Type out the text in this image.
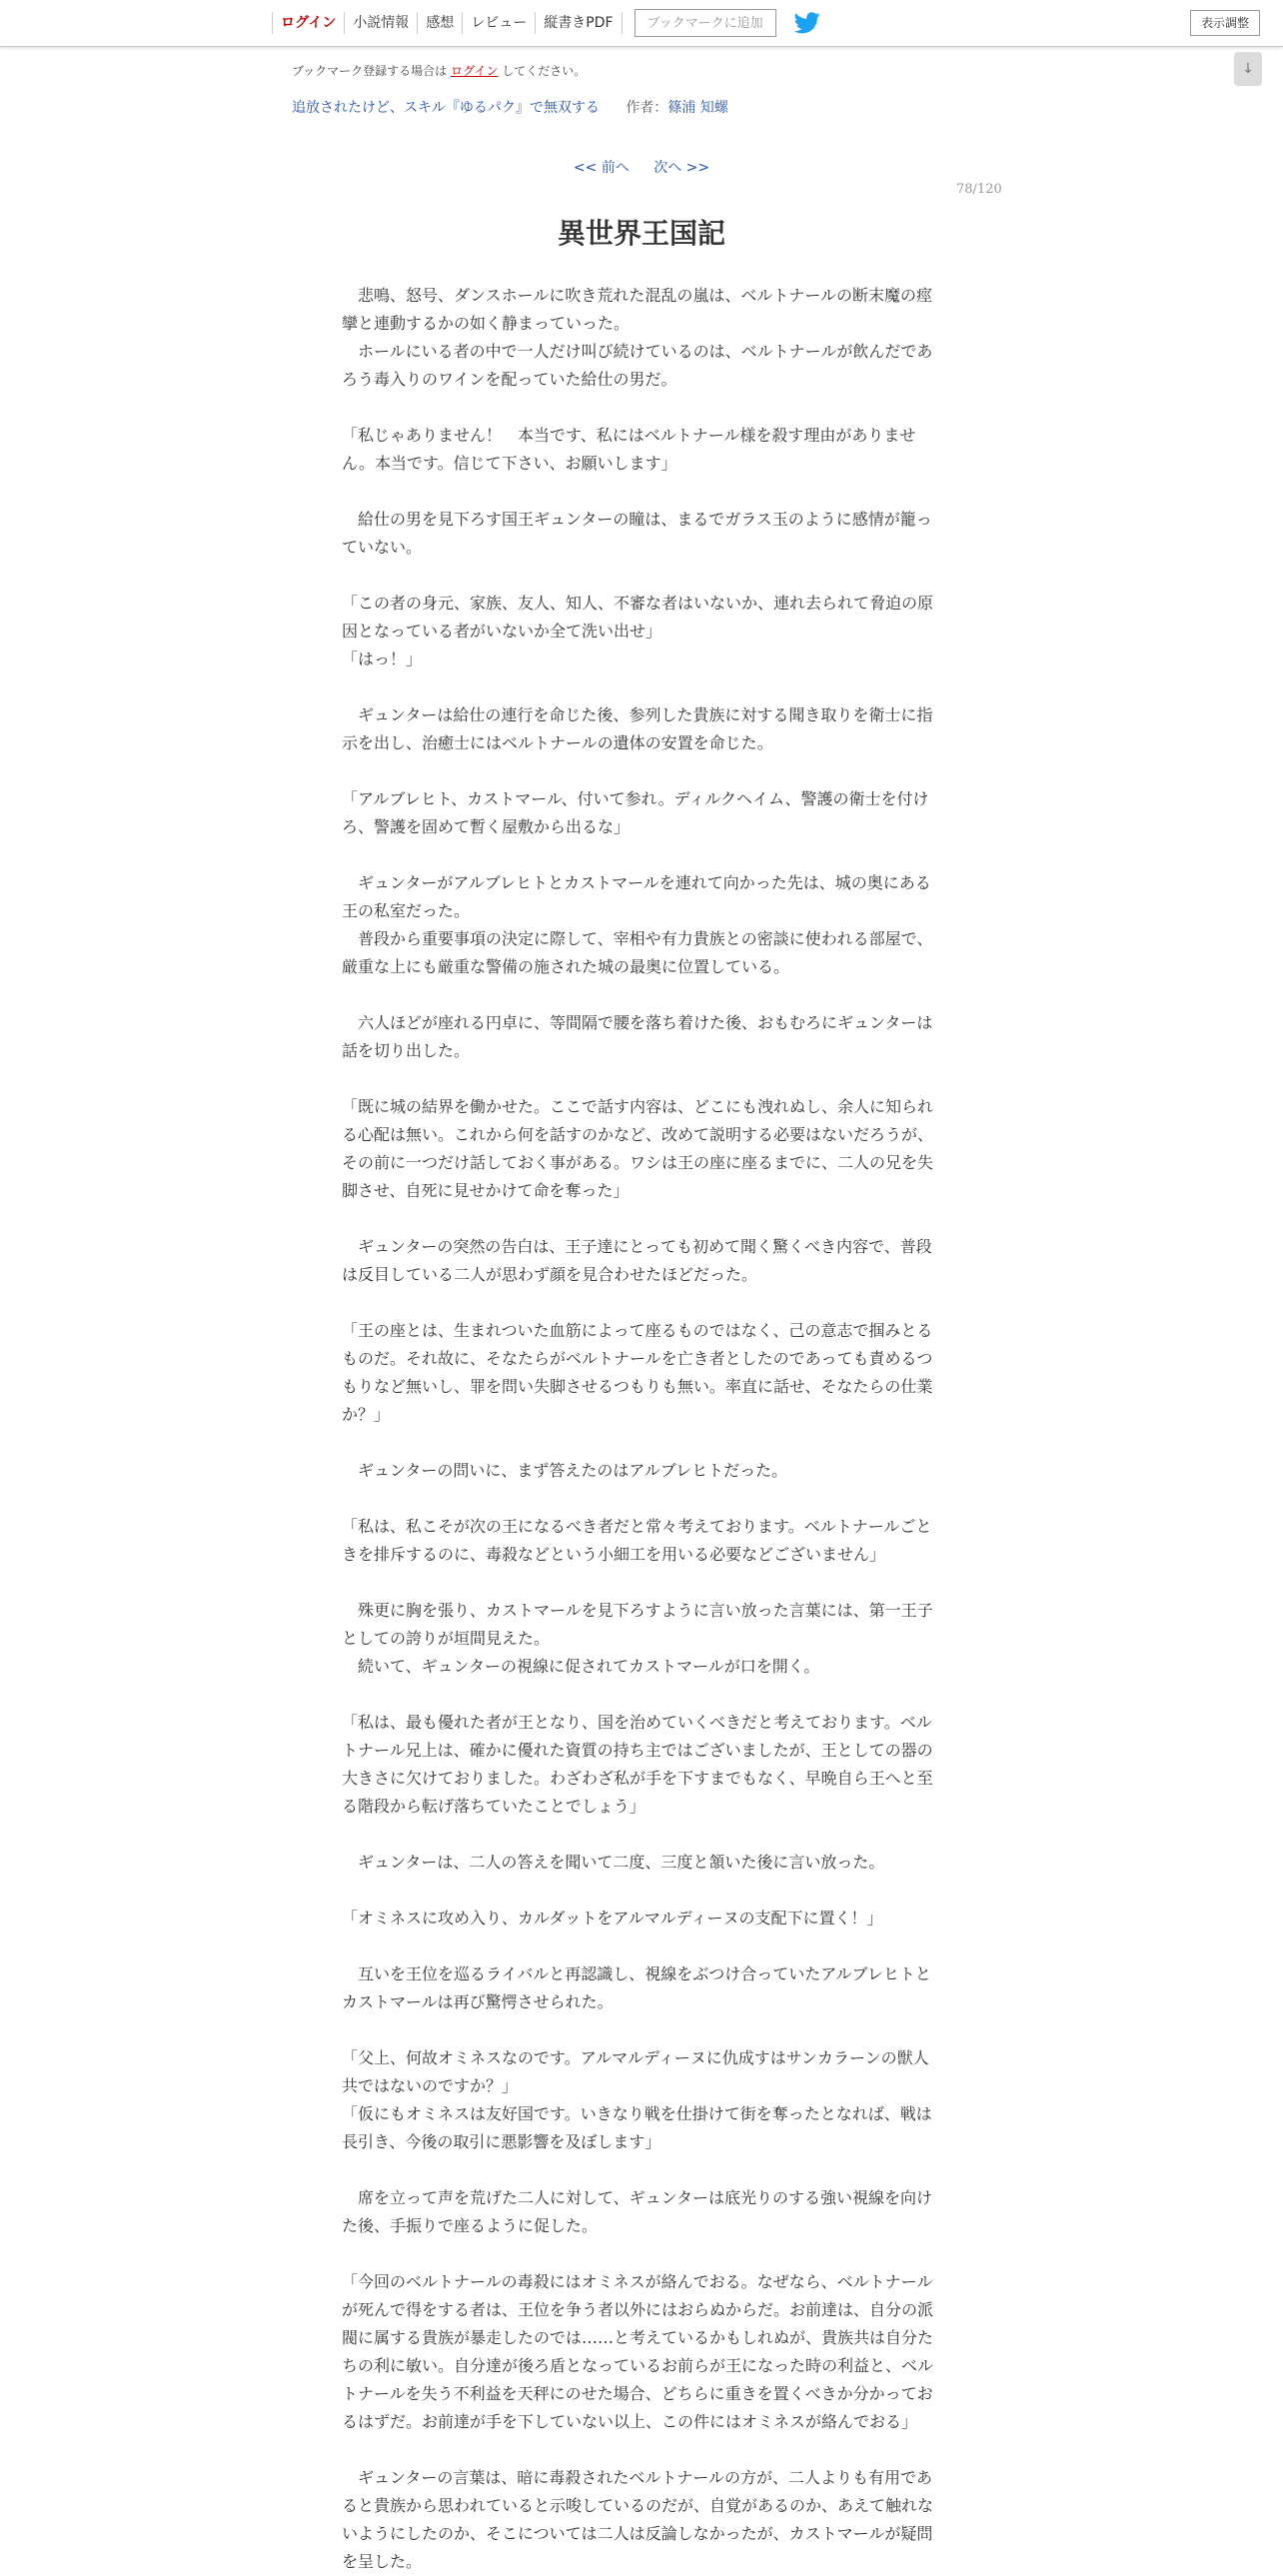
ログイン	小説情報	感想	レビュー	縦書きPDF	ブックマークに追加	表示調整
↓
ブックマーク登録する場合は ログイン してください。
追放されたけど、スキル『ゆるパク』で無双する 作者：篠浦 知螺
<< 前へ 次へ >>
78/120
異世界王国記

　悲鳴、怒号、ダンスホールに吹き荒れた混乱の嵐は、ベルトナールの断末魔の痙攣と連動するかの如く静まっていった。

　ホールにいる者の中で一人だけ叫び続けているのは、ベルトナールが飲んだであろう毒入りのワインを配っていた給仕の男だ。

「私じゃありません！　本当です、私にはベルトナール様を殺す理由がありません。本当です。信じて下さい、お願いします」

　給仕の男を見下ろす国王ギュンターの瞳は、まるでガラス玉のように感情が籠っていない。

「この者の身元、家族、友人、知人、不審な者はいないか、連れ去られて脅迫の原因となっている者がいないか全て洗い出せ」

「はっ！」

　ギュンターは給仕の連行を命じた後、参列した貴族に対する聞き取りを衛士に指示を出し、治癒士にはベルトナールの遺体の安置を命じた。

「アルブレヒト、カストマール、付いて参れ。ディルクヘイム、警護の衛士を付けろ、警護を固めて暫く屋敷から出るな」

　ギュンターがアルブレヒトとカストマールを連れて向かった先は、城の奥にある王の私室だった。

　普段から重要事項の決定に際して、宰相や有力貴族との密談に使われる部屋で、厳重な上にも厳重な警備の施された城の最奥に位置している。

　六人ほどが座れる円卓に、等間隔で腰を落ち着けた後、おもむろにギュンターは話を切り出した。

「既に城の結界を働かせた。ここで話す内容は、どこにも洩れぬし、余人に知られる心配は無い。これから何を話すのかなど、改めて説明する必要はないだろうが、その前に一つだけ話しておく事がある。ワシは王の座に座るまでに、二人の兄を失脚させ、自死に見せかけて命を奪った」

　ギュンターの突然の告白は、王子達にとっても初めて聞く驚くべき内容で、普段は反目している二人が思わず顔を見合わせたほどだった。

「王の座とは、生まれついた血筋によって座るものではなく、己の意志で掴みとるものだ。それ故に、そなたらがベルトナールを亡き者としたのであっても責めるつもりなど無いし、罪を問い失脚させるつもりも無い。率直に話せ、そなたらの仕業か？」

　ギュンターの問いに、まず答えたのはアルブレヒトだった。

「私は、私こそが次の王になるべき者だと常々考えております。ベルトナールごときを排斥するのに、毒殺などという小細工を用いる必要などございません」

　殊更に胸を張り、カストマールを見下ろすように言い放った言葉には、第一王子としての誇りが垣間見えた。

　続いて、ギュンターの視線に促されてカストマールが口を開く。

「私は、最も優れた者が王となり、国を治めていくべきだと考えております。ベルトナール兄上は、確かに優れた資質の持ち主ではございましたが、王としての器の大きさに欠けておりました。わざわざ私が手を下すまでもなく、早晩自ら王へと至る階段から転げ落ちていたことでしょう」

　ギュンターは、二人の答えを聞いて二度、三度と頷いた後に言い放った。

「オミネスに攻め入り、カルダットをアルマルディーヌの支配下に置く！」

　互いを王位を巡るライバルと再認識し、視線をぶつけ合っていたアルブレヒトとカストマールは再び驚愕させられた。

「父上、何故オミネスなのです。アルマルディーヌに仇成すはサンカラーンの獣人共ではないのですか？」

「仮にもオミネスは友好国です。いきなり戦を仕掛けて街を奪ったとなれば、戦は長引き、今後の取引に悪影響を及ぼします」

　席を立って声を荒げた二人に対して、ギュンターは底光りのする強い視線を向けた後、手振りで座るように促した。

「今回のベルトナールの毒殺にはオミネスが絡んでおる。なぜなら、ベルトナールが死んで得をする者は、王位を争う者以外にはおらぬからだ。お前達は、自分の派閥に属する貴族が暴走したのでは……と考えているかもしれぬが、貴族共は自分たちの利に敏い。自分達が後ろ盾となっているお前らが王になった時の利益と、ベルトナールを失う不利益を天秤にのせた場合、どちらに重きを置くべきか分かっておるはずだ。お前達が手を下していない以上、この件にはオミネスが絡んでおる」

　ギュンターの言葉は、暗に毒殺されたベルトナールの方が、二人よりも有用であると貴族から思われていると示唆しているのだが、自覚があるのか、あえて触れないようにしたのか、そこについては二人は反論しなかったが、カストマールが疑問を呈した。
